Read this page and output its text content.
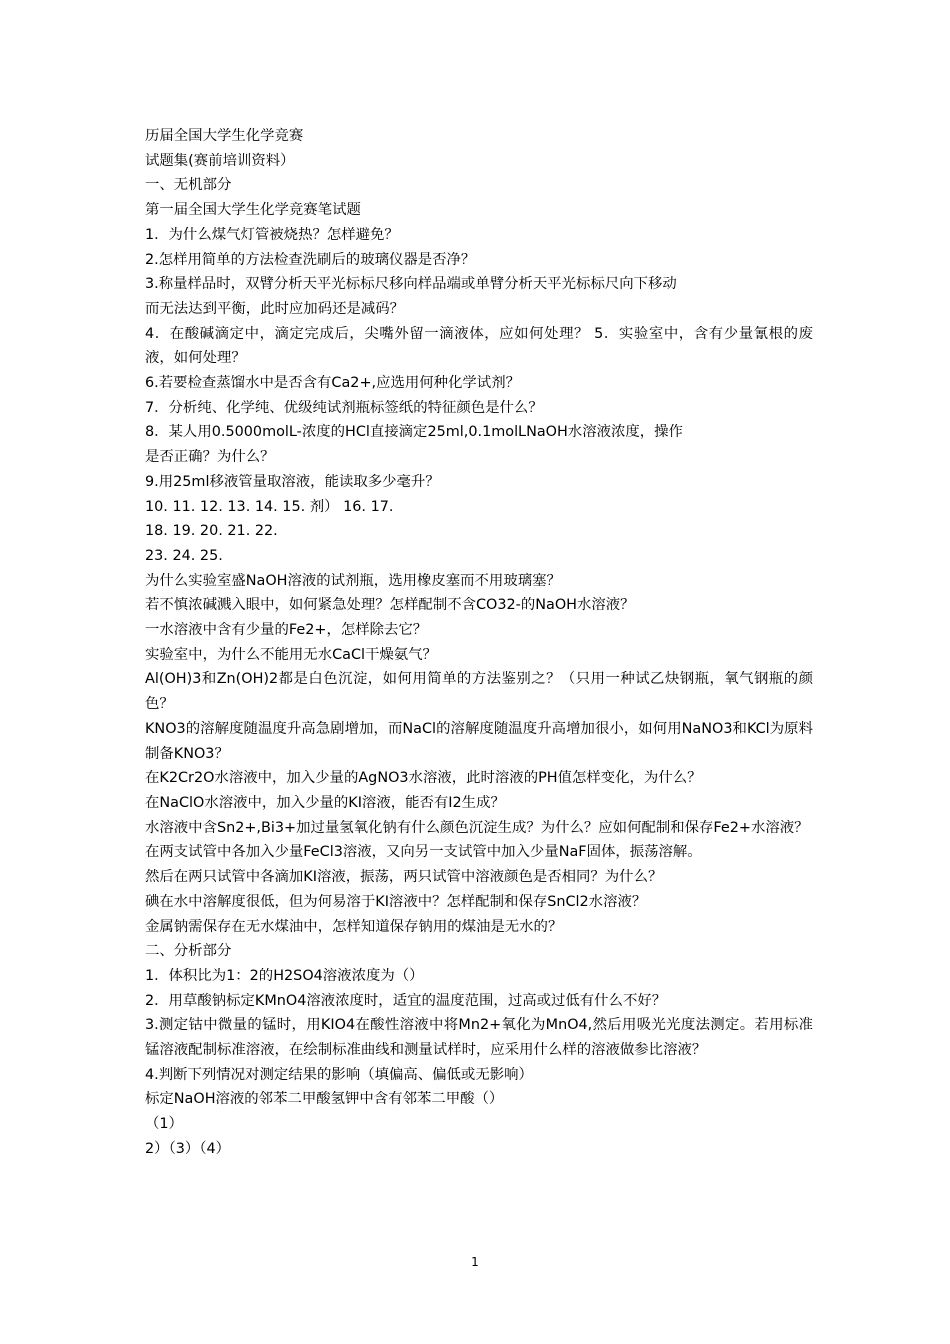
历届全国大学生化学竞赛
试题集(赛前培训资料）
一、无机部分
第一届全国大学生化学竞赛笔试题
1．为什么煤气灯管被烧热？怎样避免？
2.怎样用简单的方法检查洗刷后的玻璃仪器是否净？
3.称量样品时，双臂分析天平光标标尺移向样品端或单臂分析天平光标标尺向下移动
而无法达到平衡，此时应加码还是减码？
4．在酸碱滴定中，滴定完成后，尖嘴外留一滴液体，应如何处理？ 5．实验室中，含有少量氰根的废液，如何处理？
6.若要检查蒸馏水中是否含有Ca2+,应选用何种化学试剂？
7．分析纯、化学纯、优级纯试剂瓶标签纸的特征颜色是什么？
8．某人用0.5000molL-浓度的HCl直接滴定25ml,0.1molLNaOH水溶液浓度，操作
是否正确？为什么？
9.用25ml移液管量取溶液，能读取多少毫升？
10. 11. 12. 13. 14. 15. 剂） 16. 17.
18. 19. 20. 21. 22.
23. 24. 25.
为什么实验室盛NaOH溶液的试剂瓶，选用橡皮塞而不用玻璃塞？
若不慎浓碱溅入眼中，如何紧急处理？怎样配制不含CO32-的NaOH水溶液？
一水溶液中含有少量的Fe2+，怎样除去它？
实验室中，为什么不能用无水CaCl干燥氨气？
Al(OH)3和Zn(OH)2都是白色沉淀，如何用简单的方法鉴别之？（只用一种试乙炔钢瓶，氧气钢瓶的颜色？
KNO3的溶解度随温度升高急剧增加，而NaCl的溶解度随温度升高增加很小，如何用NaNO3和KCl为原料制备KNO3？
在K2Cr2O水溶液中，加入少量的AgNO3水溶液，此时溶液的PH值怎样变化，为什么？
在NaClO水溶液中，加入少量的KI溶液，能否有I2生成？
水溶液中含Sn2+,Bi3+加过量氢氧化钠有什么颜色沉淀生成？为什么？应如何配制和保存Fe2+水溶液？
在两支试管中各加入少量FeCl3溶液，又向另一支试管中加入少量NaF固体，振荡溶解。
然后在两只试管中各滴加KI溶液，振荡，两只试管中溶液颜色是否相同？为什么？
碘在水中溶解度很低，但为何易溶于KI溶液中？怎样配制和保存SnCl2水溶液？
金属钠需保存在无水煤油中，怎样知道保存钠用的煤油是无水的？
二、分析部分
1．体积比为1：2的H2SO4溶液浓度为（）
2．用草酸钠标定KMnO4溶液浓度时，适宜的温度范围，过高或过低有什么不好？
3.测定钴中微量的锰时，用KIO4在酸性溶液中将Mn2+氧化为MnO4,然后用吸光光度法测定。若用标准锰溶液配制标准溶液，在绘制标准曲线和测量试样时，应采用什么样的溶液做参比溶液？
4.判断下列情况对测定结果的影响（填偏高、偏低或无影响）
标定NaOH溶液的邻苯二甲酸氢钾中含有邻苯二甲酸（）
（1）
2）（3）（4）
1
